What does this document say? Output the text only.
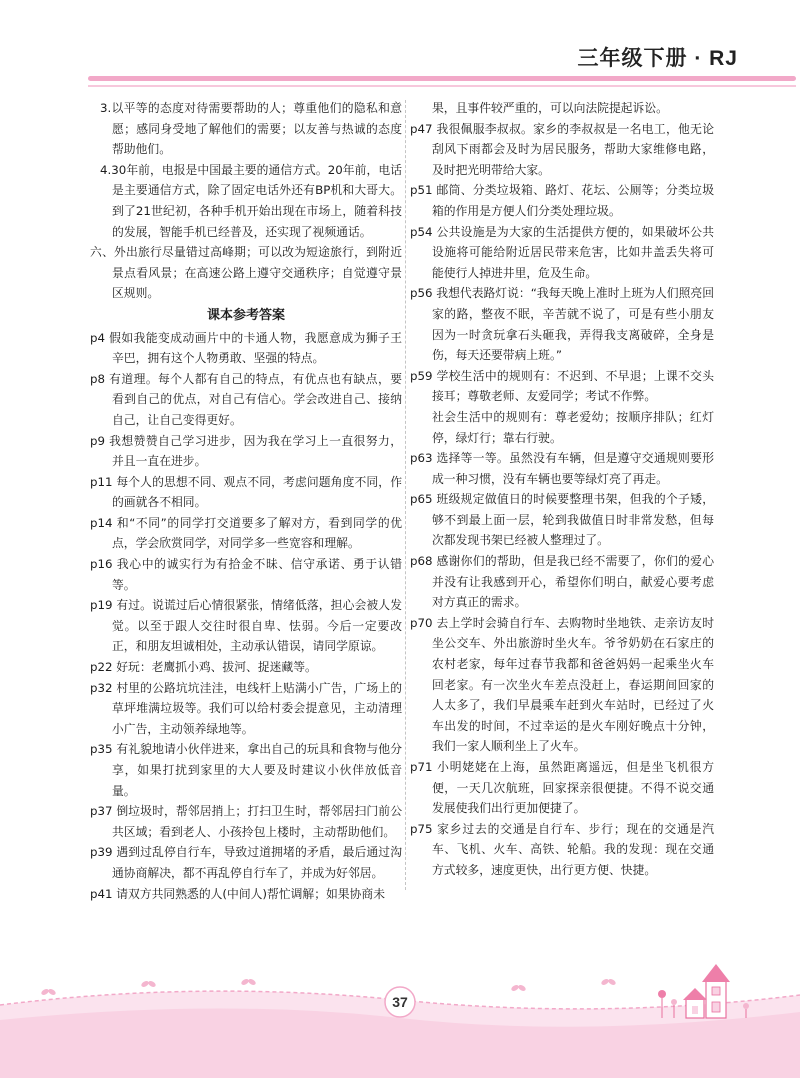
三年级下册 · RJ
3.以平等的态度对待需要帮助的人；尊重他们的隐私和意愿；感同身受地了解他们的需要；以友善与热诚的态度帮助他们。
4.30年前，电报是中国最主要的通信方式。20年前，电话是主要通信方式，除了固定电话外还有BP机和大哥大。到了21世纪初，各种手机开始出现在市场上，随着科技的发展，智能手机已经普及，还实现了视频通话。
六、外出旅行尽量错过高峰期；可以改为短途旅行，到附近景点看风景；在高速公路上遵守交通秩序；自觉遵守景区规则。
课本参考答案
p4 假如我能变成动画片中的卡通人物，我愿意成为狮子王辛巴，拥有这个人物勇敢、坚强的特点。
p8 有道理。每个人都有自己的特点，有优点也有缺点，要看到自己的优点，对自己有信心。学会改进自己、接纳自己，让自己变得更好。
p9 我想赞赞自己学习进步，因为我在学习上一直很努力，并且一直在进步。
p11 每个人的思想不同、观点不同，考虑问题角度不同，作的画就各不相同。
p14 和“不同”的同学打交道要多了解对方，看到同学的优点，学会欣赏同学，对同学多一些宽容和理解。
p16 我心中的诚实行为有拾金不昧、信守承诺、勇于认错等。
p19 有过。说谎过后心情很紧张，情绪低落，担心会被人发觉。以至于跟人交往时很自卑、怯弱。今后一定要改正，和朋友坦诚相处，主动承认错误，请同学原谅。
p22 好玩：老鹰抓小鸡、拔河、捉迷藏等。
p32 村里的公路坑坑洼洼，电线杆上贴满小广告，广场上的草坪堆满垃圾等。我们可以给村委会提意见，主动清理小广告，主动领养绿地等。
p35 有礼貌地请小伙伴进来，拿出自己的玩具和食物与他分享，如果打扰到家里的大人要及时建议小伙伴放低音量。
p37 倒垃圾时，帮邻居捎上；打扫卫生时，帮邻居扫门前公共区域；看到老人、小孩拎包上楼时，主动帮助他们。
p39 遇到过乱停自行车，导致过道拥堵的矛盾，最后通过沟通协商解决，都不再乱停自行车了，并成为好邻居。
p41 请双方共同熟悉的人(中间人)帮忙调解；如果协商未
果，且事件较严重的，可以向法院提起诉讼。
p47 我很佩服李叔叔。家乡的李叔叔是一名电工，他无论刮风下雨都会及时为居民服务，帮助大家维修电路，及时把光明带给大家。
p51 邮筒、分类垃圾箱、路灯、花坛、公厕等；分类垃圾箱的作用是方便人们分类处理垃圾。
p54 公共设施是为大家的生活提供方便的，如果破坏公共设施将可能给附近居民带来危害，比如井盖丢失将可能使行人掉进井里，危及生命。
p56 我想代表路灯说：“我每天晚上准时上班为人们照亮回家的路，整夜不眠，辛苦就不说了，可是有些小朋友因为一时贪玩拿石头砸我，弄得我支离破碎，全身是伤，每天还要带病上班。”
p59 学校生活中的规则有：不迟到、不早退；上课不交头接耳；尊敬老师、友爱同学；考试不作弊。
社会生活中的规则有：尊老爱幼；按顺序排队；红灯停，绿灯行；靠右行驶。
p63 选择等一等。虽然没有车辆，但是遵守交通规则要形成一种习惯，没有车辆也要等绿灯亮了再走。
p65 班级规定做值日的时候要整理书架，但我的个子矮，够不到最上面一层，轮到我做值日时非常发愁，但每次都发现书架已经被人整理过了。
p68 感谢你们的帮助，但是我已经不需要了，你们的爱心并没有让我感到开心，希望你们明白，献爱心要考虑对方真正的需求。
p70 去上学时会骑自行车、去购物时坐地铁、走亲访友时坐公交车、外出旅游时坐火车。爷爷奶奶在石家庄的农村老家，每年过春节我都和爸爸妈妈一起乘坐火车回老家。有一次坐火车差点没赶上，春运期间回家的人太多了，我们早晨乘车赶到火车站时，已经过了火车出发的时间，不过幸运的是火车刚好晚点十分钟，我们一家人顺利坐上了火车。
p71 小明姥姥在上海，虽然距离遥远，但是坐飞机很方便，一天几次航班，回家探亲很便捷。不得不说交通发展使我们出行更加便捷了。
p75 家乡过去的交通是自行车、步行；现在的交通是汽车、飞机、火车、高铁、轮船。我的发现：现在交通方式较多，速度更快，出行更方便、快捷。
37
